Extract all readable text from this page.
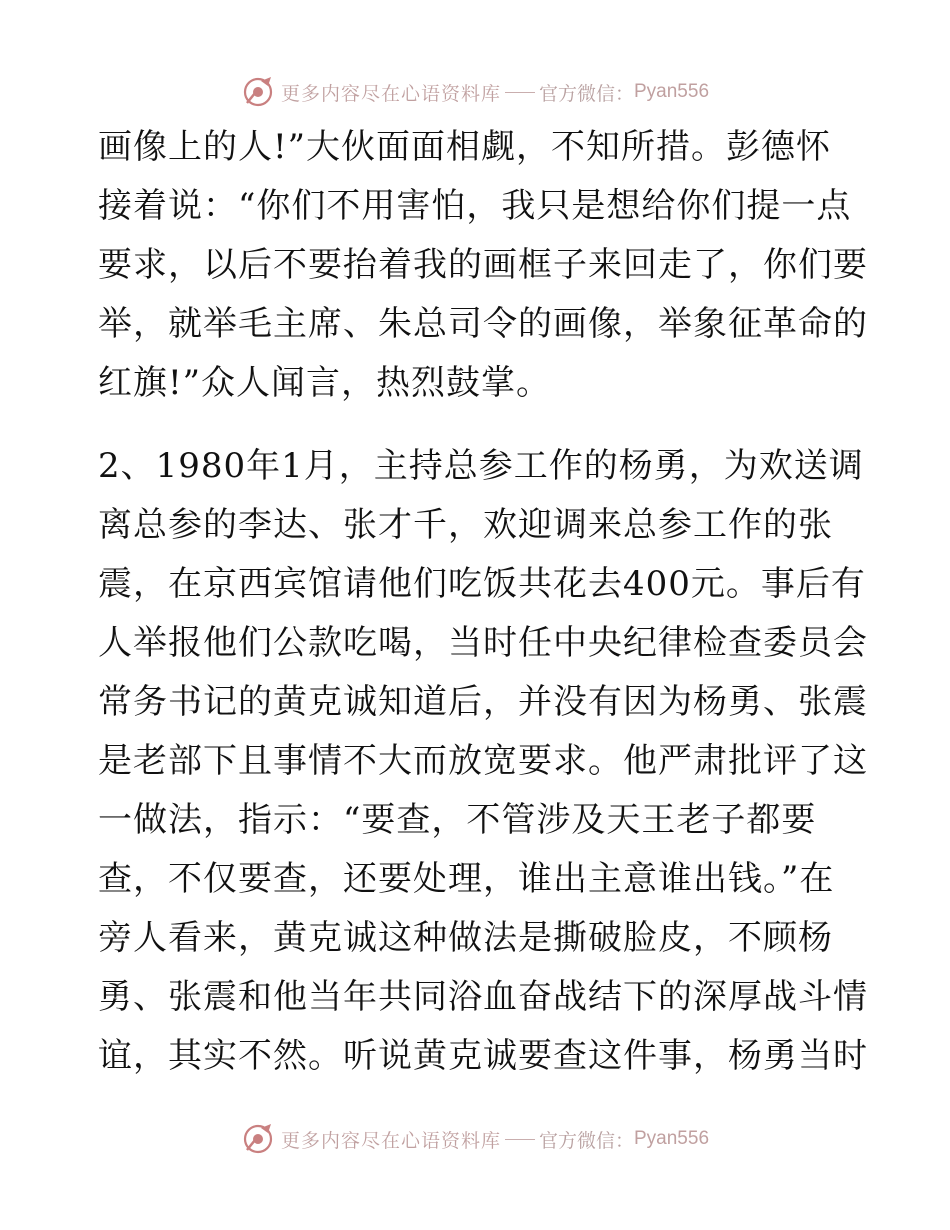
更多内容尽在心语资料库 官方微信： Pyan556
画像上的人!”大伙面面相觑，不知所措。彭德怀
接着说：“你们不用害怕，我只是想给你们提一点
要求，以后不要抬着我的画框子来回走了，你们要
举，就举毛主席、朱总司令的画像，举象征革命的
红旗!”众人闻言，热烈鼓掌。
2、1980年1月，主持总参工作的杨勇，为欢送调
离总参的李达、张才千，欢迎调来总参工作的张
震，在京西宾馆请他们吃饭共花去400元。事后有
人举报他们公款吃喝，当时任中央纪律检查委员会
常务书记的黄克诚知道后，并没有因为杨勇、张震
是老部下且事情不大而放宽要求。他严肃批评了这
一做法，指示：“要查，不管涉及天王老子都要
查，不仅要查，还要处理，谁出主意谁出钱。”在
旁人看来，黄克诚这种做法是撕破脸皮，不顾杨
勇、张震和他当年共同浴血奋战结下的深厚战斗情
谊，其实不然。听说黄克诚要查这件事，杨勇当时
更多内容尽在心语资料库 官方微信： Pyan556
